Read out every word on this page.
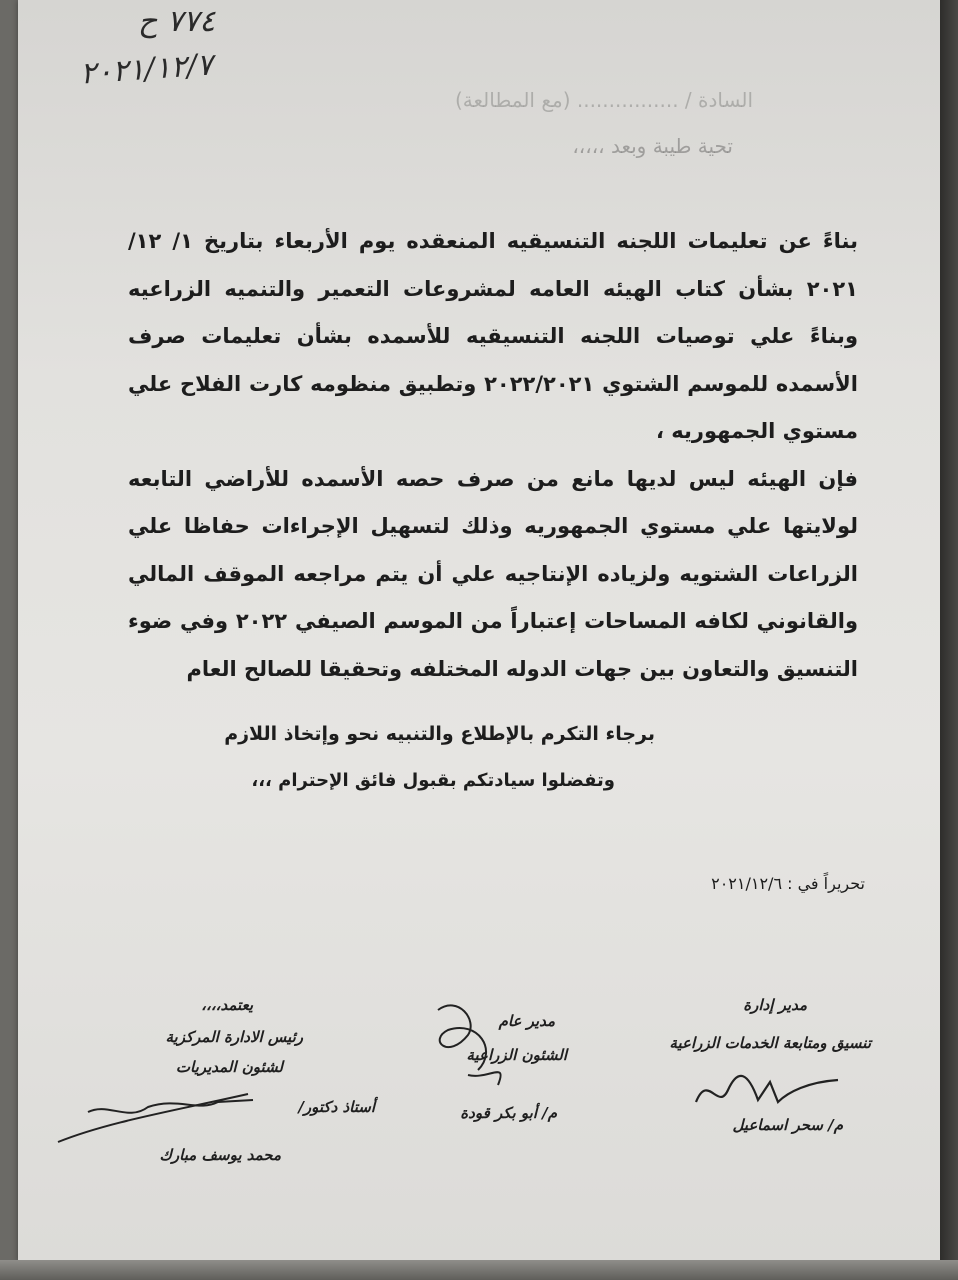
٧٧٤ ح
٢٠٢١/١٢/٧
السادة / ................ (مع المطالعة)
تحية طيبة وبعد ،،،،،

بناءً عن تعليمات اللجنه التنسيقيه المنعقده يوم الأربعاء بتاريخ ١/ ١٢/ ٢٠٢١ بشأن كتاب الهيئه العامه لمشروعات التعمير والتنميه الزراعيه وبناءً علي توصيات اللجنه التنسيقيه للأسمده بشأن تعليمات صرف الأسمده للموسم الشتوي ٢٠٢٢/٢٠٢١ وتطبيق منظومه كارت الفلاح علي مستوي الجمهوريه ،

فإن الهيئه ليس لديها مانع من صرف حصه الأسمده للأراضي التابعه لولايتها علي مستوي الجمهوريه وذلك لتسهيل الإجراءات حفاظا علي الزراعات الشتويه ولزياده الإنتاجيه علي أن يتم مراجعه الموقف المالي والقانوني لكافه المساحات إعتباراً من الموسم الصيفي ٢٠٢٢ وفي ضوء التنسيق والتعاون بين جهات الدوله المختلفه وتحقيقا للصالح العام

برجاء التكرم بالإطلاع والتنبيه نحو وإتخاذ اللازم
وتفضلوا سيادتكم بقبول فائق الإحترام ،،،
تحريراً في : ٢٠٢١/١٢/٦
مدير إدارة
تنسيق ومتابعة الخدمات الزراعية
م/ سحر اسماعيل
مدير عام
الشئون الزراعية
م/ أبو بكر قودة
يعتمد،،،،
رئيس الادارة المركزية
لشئون المديريات
أستاذ دكتور/
محمد يوسف مبارك
